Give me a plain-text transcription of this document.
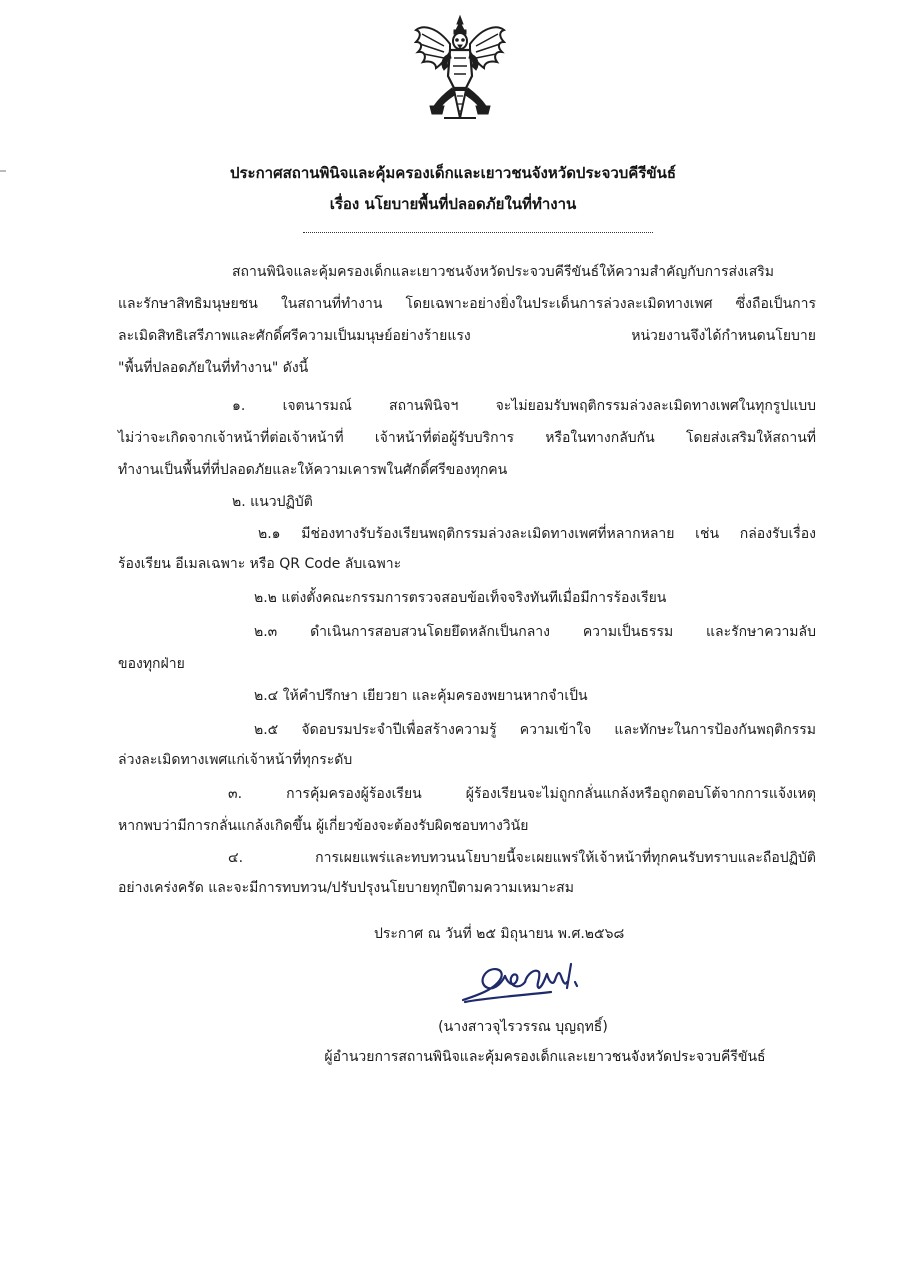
ประกาศสถานพินิจและคุ้มครองเด็กและเยาวชนจังหวัดประจวบคีรีขันธ์
เรื่อง นโยบายพื้นที่ปลอดภัยในที่ทำงาน
สถานพินิจและคุ้มครองเด็กและเยาวชนจังหวัดประจวบคีรีขันธ์ให้ความสำคัญกับการส่งเสริม
และรักษาสิทธิมนุษยชน ในสถานที่ทำงาน โดยเฉพาะอย่างยิ่งในประเด็นการล่วงละเมิดทางเพศ ซึ่งถือเป็นการ
ละเมิดสิทธิเสรีภาพและศักดิ์ศรีความเป็นมนุษย์อย่างร้ายแรง หน่วยงานจึงได้กำหนดนโยบาย
"พื้นที่ปลอดภัยในที่ทำงาน" ดังนี้
๑. เจตนารมณ์ สถานพินิจฯ จะไม่ยอมรับพฤติกรรมล่วงละเมิดทางเพศในทุกรูปแบบ
ไม่ว่าจะเกิดจากเจ้าหน้าที่ต่อเจ้าหน้าที่ เจ้าหน้าที่ต่อผู้รับบริการ หรือในทางกลับกัน โดยส่งเสริมให้สถานที่
ทำงานเป็นพื้นที่ที่ปลอดภัยและให้ความเคารพในศักดิ์ศรีของทุกคน
๒. แนวปฏิบัติ
๒.๑ มีช่องทางรับร้องเรียนพฤติกรรมล่วงละเมิดทางเพศที่หลากหลาย เช่น กล่องรับเรื่อง
ร้องเรียน อีเมลเฉพาะ หรือ QR Code ลับเฉพาะ
๒.๒ แต่งตั้งคณะกรรมการตรวจสอบข้อเท็จจริงทันทีเมื่อมีการร้องเรียน
๒.๓ ดำเนินการสอบสวนโดยยึดหลักเป็นกลาง ความเป็นธรรม และรักษาความลับ
ของทุกฝ่าย
๒.๔ ให้คำปรึกษา เยียวยา และคุ้มครองพยานหากจำเป็น
๒.๕ จัดอบรมประจำปีเพื่อสร้างความรู้ ความเข้าใจ และทักษะในการป้องกันพฤติกรรม
ล่วงละเมิดทางเพศแก่เจ้าหน้าที่ทุกระดับ
๓. การคุ้มครองผู้ร้องเรียน ผู้ร้องเรียนจะไม่ถูกกลั่นแกล้งหรือถูกตอบโต้จากการแจ้งเหตุ
หากพบว่ามีการกลั่นแกล้งเกิดขึ้น ผู้เกี่ยวข้องจะต้องรับผิดชอบทางวินัย
๔. การเผยแพร่และทบทวนนโยบายนี้จะเผยแพร่ให้เจ้าหน้าที่ทุกคนรับทราบและถือปฏิบัติ
อย่างเคร่งครัด และจะมีการทบทวน/ปรับปรุงนโยบายทุกปีตามความเหมาะสม
ประกาศ ณ วันที่ ๒๕ มิถุนายน พ.ศ.๒๕๖๘
(นางสาวจุไรวรรณ บุญฤทธิ์)
ผู้อำนวยการสถานพินิจและคุ้มครองเด็กและเยาวชนจังหวัดประจวบคีรีขันธ์
